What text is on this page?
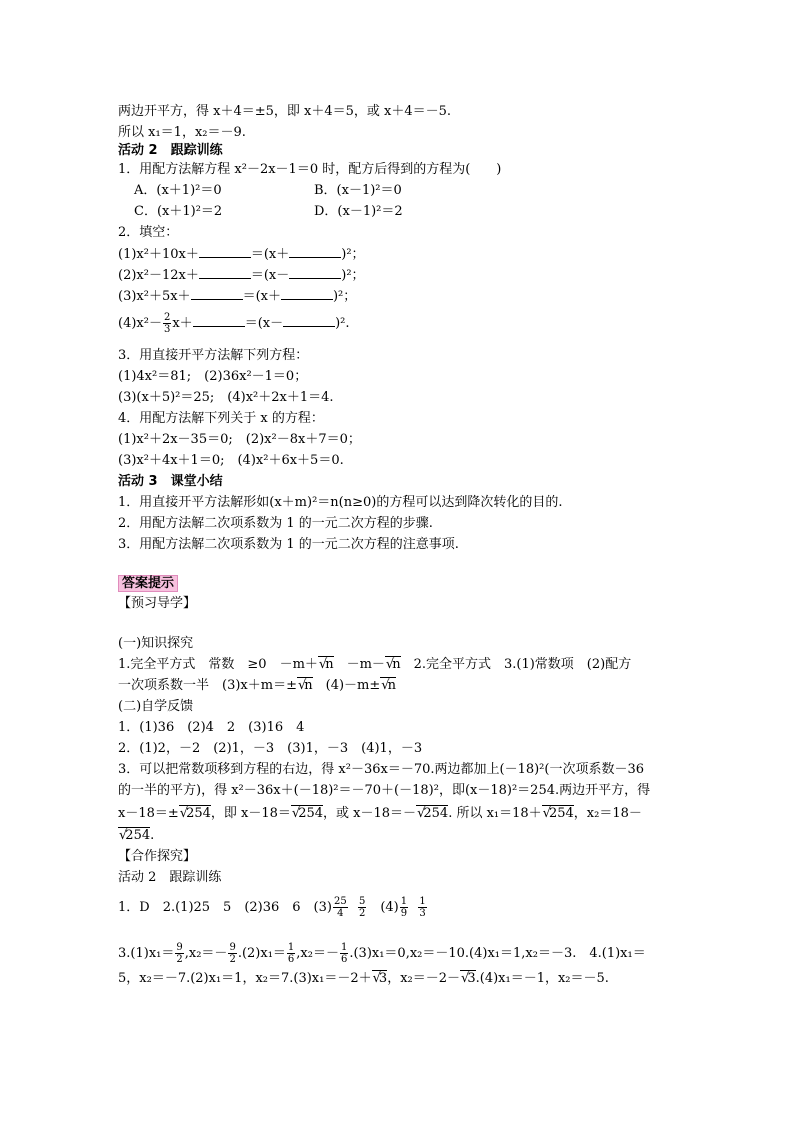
两边开平方，得 x＋4＝±5，即 x＋4＝5，或 x＋4＝－5.
所以 x₁＝1，x₂＝－9.
活动 2　跟踪训练
1．用配方法解方程 x²－2x－1＝0 时，配方后得到的方程为(　　)
A．(x＋1)²＝0	B．(x－1)²＝0
C．(x＋1)²＝2	D．(x－1)²＝2
2．填空：
(1)x²＋10x＋	＝(x＋	)²；
(2)x²－12x＋	＝(x－	)²；
(3)x²＋5x＋	＝(x＋	)²；
$(4)x^2- \frac{2}{3} x+$	＝(x－	)².
3．用直接开平方法解下列方程：
(1)4x²＝81;　(2)36x²－1＝0；
(3)(x＋5)²＝25;　(4)x²＋2x＋1＝4.
4．用配方法解下列关于 x 的方程：
(1)x²＋2x－35＝0;　(2)x²－8x＋7＝0；
(3)x²＋4x＋1＝0;　(4)x²＋6x＋5＝0.
活动 3　课堂小结
1．用直接开平方法解形如(x＋m)²＝n(n≥0)的方程可以达到降次转化的目的.
2．用配方法解二次项系数为 1 的一元二次方程的步骤.
3．用配方法解二次项系数为 1 的一元二次方程的注意事项.
答案提示
【预习导学】
(一)知识探究
1.完全平方式　常数　≥0　－m＋ √ n　－m－ √ n　2.完全平方式　3.(1)常数项　(2)配方
一次项系数一半　(3)x＋m＝± √ n　(4)－m± √ n
(二)自学反馈
1．(1)36　(2)4　2　(3)16　4
2．(1)2，－2　(2)1，－3　(3)1，－3　(4)1，－3
3．可以把常数项移到方程的右边，得 x²－36x＝－70.两边都加上(－18)²(一次项系数－36
的一半的平方)，得 x²－36x＋(－18)²＝－70＋(－18)²，即(x－18)²＝254.两边开平方，得
x－18＝± √ 254，即 x－18＝ √ 254，或 x－18＝－ √ 254. 所以 x₁＝18＋ √ 254，x₂＝18－
√ 254.
【合作探究】
活动 2　跟踪训练
1．D　2.(1)25　5　(2)36　6　$(3) \frac{25}{4}$
$\frac{5}{2}$ 　$(4) \frac{1}{9}$
$\frac{1}{3}$
$3.(1)x_1= \frac{9}{2} ,x_2=- \frac{9}{2} .(2)x_1= \frac{1}{6} ,x_2=- \frac{1}{6} .(3)x_1=0,x_2=-10.(4)x_1=1,x_2=-3$.　4.(1)x₁＝
5，x₂＝－7.(2)x₁＝1，x₂＝7.(3)x₁＝－2＋ √ 3，x₂＝－2－ √ 3.(4)x₁＝－1，x₂＝－5.
